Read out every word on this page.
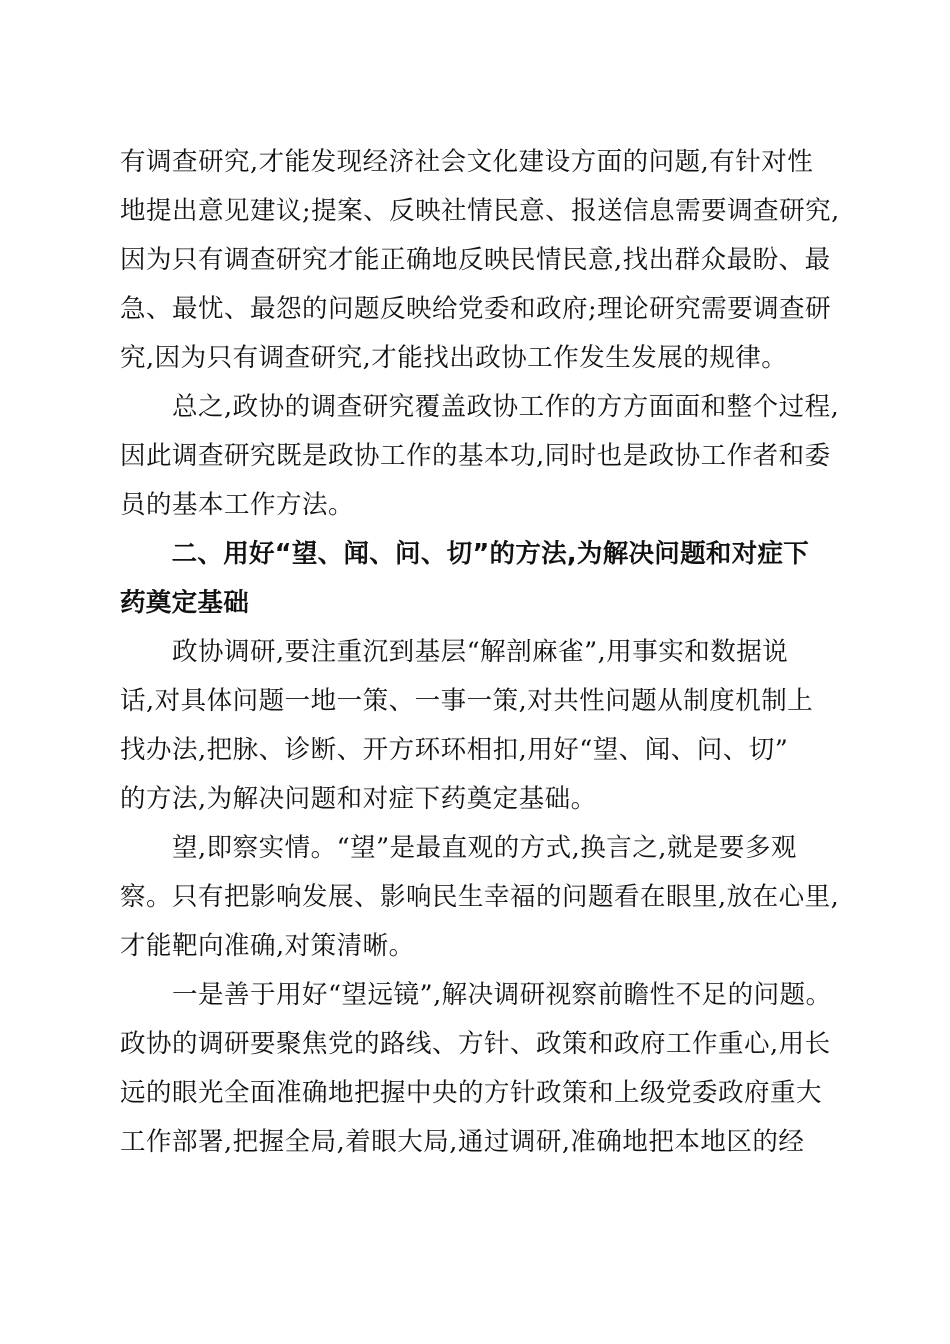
有调查研究,才能发现经济社会文化建设方面的问题,有针对性
地提出意见建议;提案、反映社情民意、报送信息需要调查研究,
因为只有调查研究才能正确地反映民情民意,找出群众最盼、最
急、最忧、最怨的问题反映给党委和政府;理论研究需要调查研
究,因为只有调查研究,才能找出政协工作发生发展的规律。
　　总之,政协的调查研究覆盖政协工作的方方面面和整个过程,
因此调查研究既是政协工作的基本功,同时也是政协工作者和委
员的基本工作方法。
　　二、用好“望、闻、问、切”的方法,为解决问题和对症下
药奠定基础
　　政协调研,要注重沉到基层“解剖麻雀”,用事实和数据说
话,对具体问题一地一策、一事一策,对共性问题从制度机制上
找办法,把脉、诊断、开方环环相扣,用好“望、闻、问、切”
的方法,为解决问题和对症下药奠定基础。
　　望,即察实情。“望”是最直观的方式,换言之,就是要多观
察。只有把影响发展、影响民生幸福的问题看在眼里,放在心里,
才能靶向准确,对策清晰。
　　一是善于用好“望远镜”,解决调研视察前瞻性不足的问题。
政协的调研要聚焦党的路线、方针、政策和政府工作重心,用长
远的眼光全面准确地把握中央的方针政策和上级党委政府重大
工作部署,把握全局,着眼大局,通过调研,准确地把本地区的经
